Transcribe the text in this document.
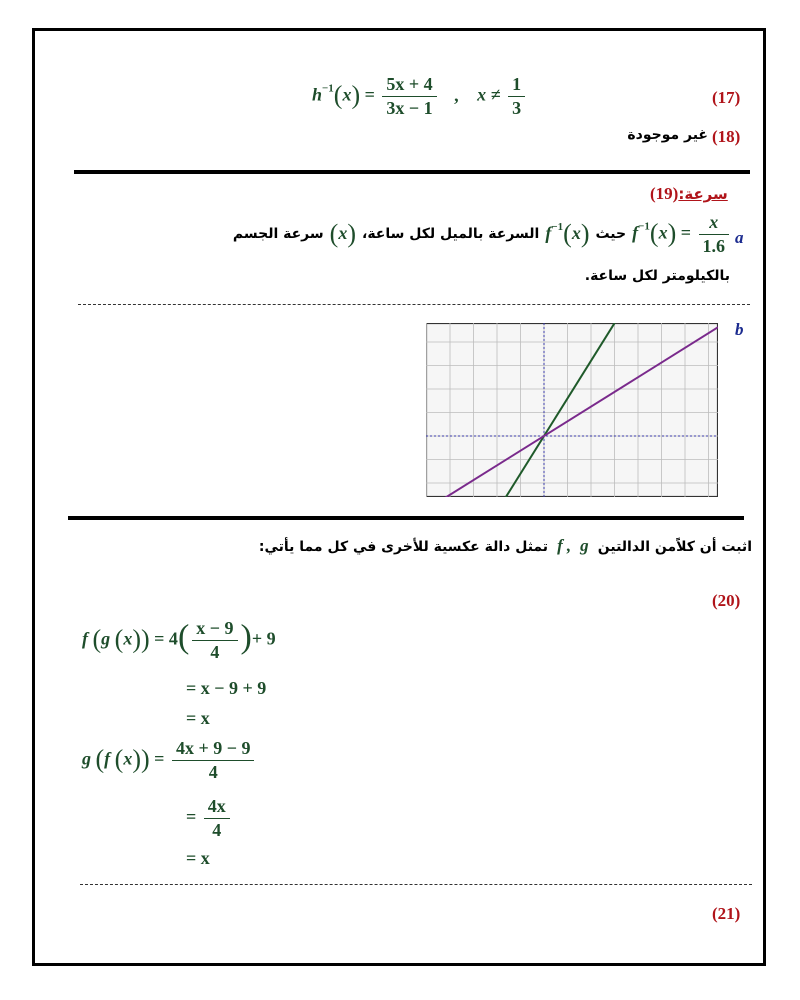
(17)
$h^{-1}(x) = \frac{5x + 4}{3x - 1}$ , $x \ne \frac{1}{3}$
(18)
غير موجودة
سرعة:(19)
a
$f^{-1}(x) = \frac{x}{1.6}$
حيث
$f^{-1}(x)$
السرعة بالميل لكل ساعة،
(x)
سرعة الجسم
بالكيلومتر لكل ساعة.
b
اثبت أن كلاًمن الدالتين f , g تمثل دالة عكسية للأخرى في كل مما يأتي:
(20)
f (g $(x)) = 4( \frac{x - 9}{4}$ )+ 9
= x − 9 + 9
= x
g (f $(x)) = \frac{4x + 9 - 9}{4}$
= $\frac{4x}{4}$
= x
(21)
